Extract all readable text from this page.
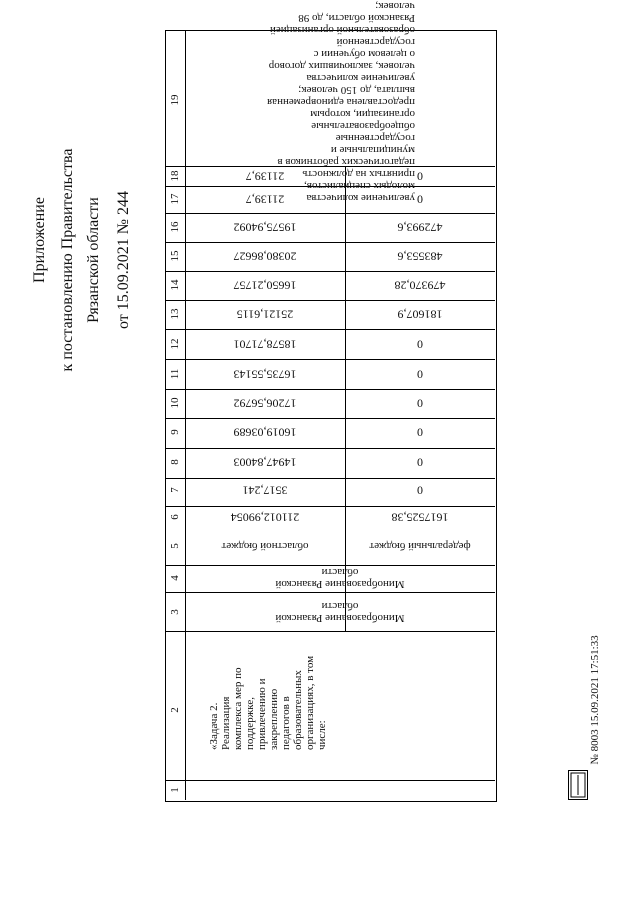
Приложение к постановлению Правительства Рязанской области от 15.09.2021 № 244
1
2
3
4
5
6
7
8
9
10
11
12
13
14
15
16
17
18
19
«Задача 2. Реализация комплекса мер по поддержке, привлечению и закреплению педагогов в образовательных организациях, в том числе:
Минобразование Рязанской области
Минобразование Рязанской области
областной бюджет	федеральный бюджет
211012,99054
3517,241
14947,84003
16019,03689
17206,56792
16735,55143
18578,71701
25121,6115
16650,21757
20380,86627
19575,94092
21139,7
21139,7
1617525,38
0
0
0
0
0
0
181607,9
479370,28
483553,6
472993,6
0
0
увеличение количества молодых специалистов, принятых на должность педагогических работников в муниципальные и государственные общеобразовательные организации, которым предоставлена единовременная выплата, до 150 человек; увеличение количества человек, заключивших договор о целевом обучении с государственной образовательной организацией Рязанской области, до 98 человек;
№ 8003 15.09.2021 17:51:33
